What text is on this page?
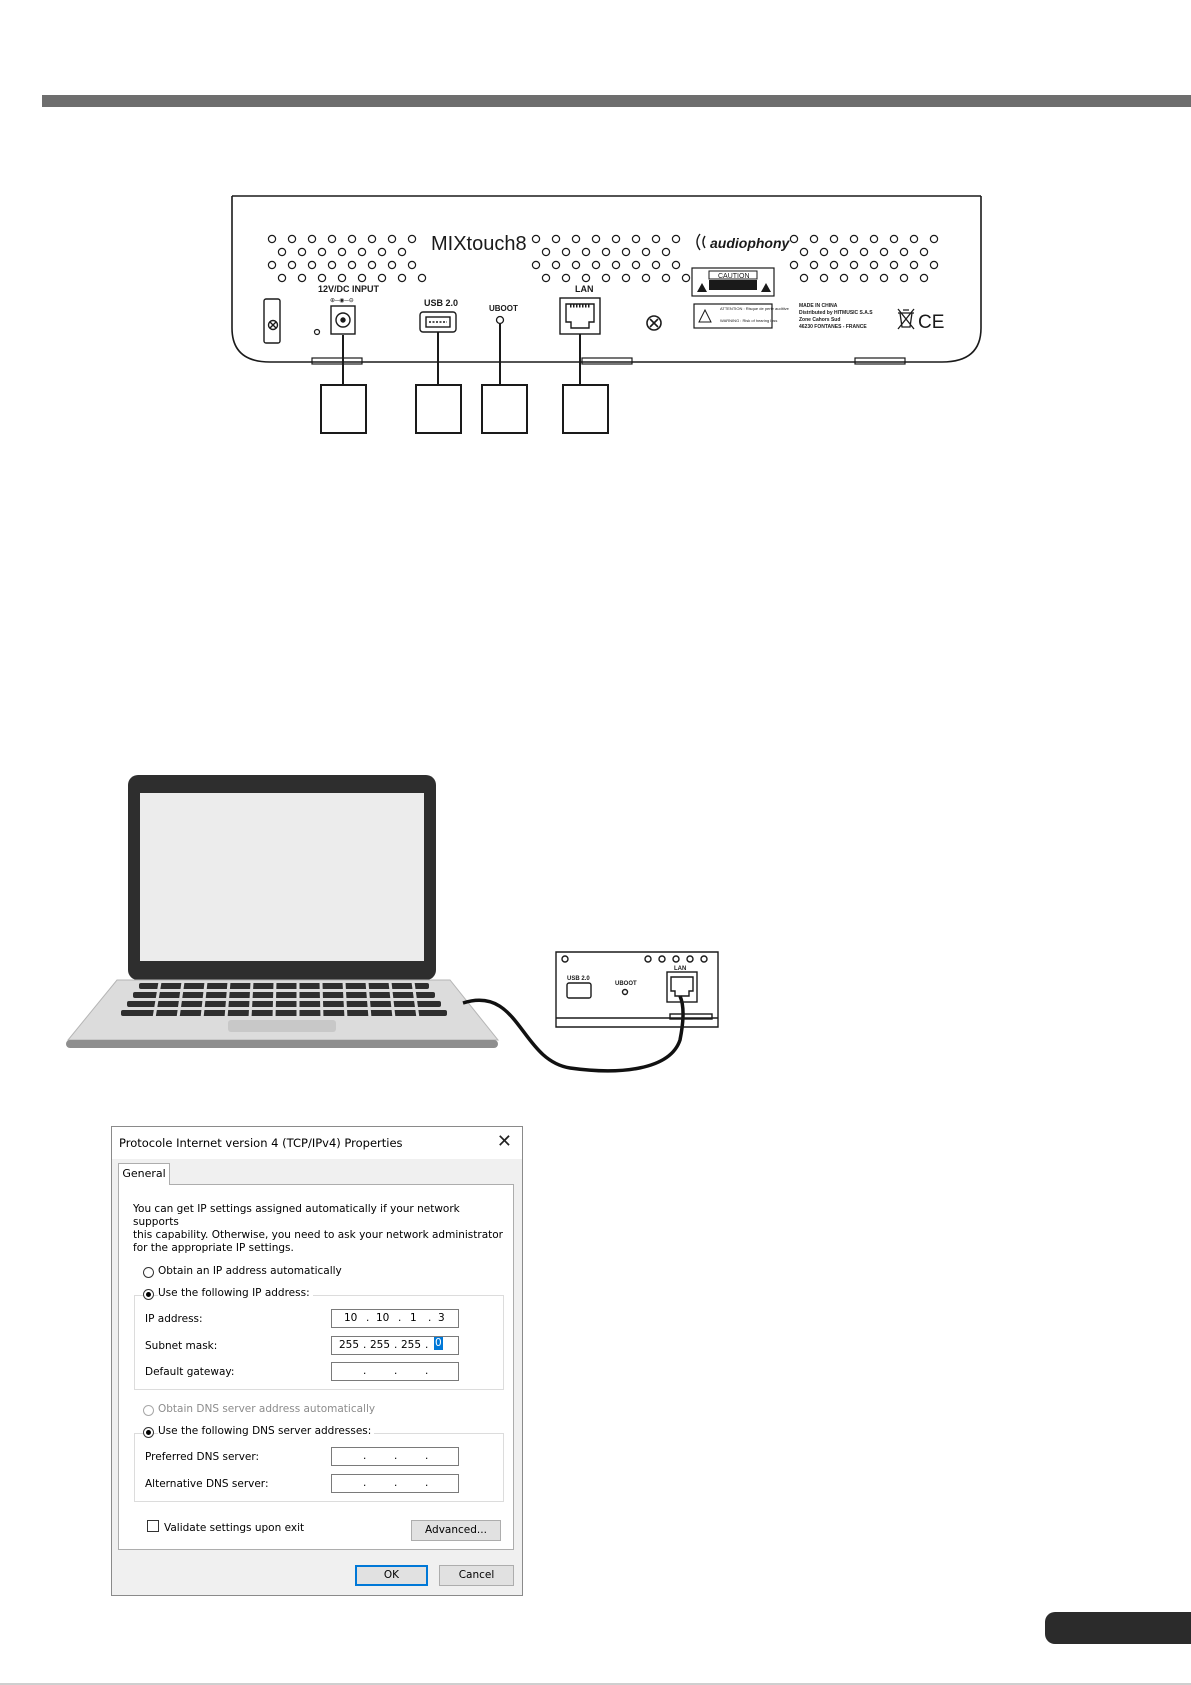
MIXtouch8	audiophony
12V/DC INPUT
⊕─◉─⊖	USB 2.0
UBOOT
LAN
CAUTION
ATTENTION : Risque de perte auditive
WARNING : Risk of hearing loss
MADE IN CHINA
Distributed by HITMUSIC S.A.S
Zone Cahors Sud
46230 FONTANES - FRANCE	CE
USB 2.0
UBOOT
LAN
Protocole Internet version 4 (TCP/IPv4) Properties	✕
General
You can get IP settings assigned automatically if your network supports
this capability. Otherwise, you need to ask your network administrator
for the appropriate IP settings.
Obtain an IP address automatically
Use the following IP address:
IP address:	10 . 10 . 1 . 3
Subnet mask:	255 . 255 . 255 . 0
Default gateway:	.	.	.
Obtain DNS server address automatically
Use the following DNS server addresses:
Preferred DNS server:	.	.	.
Alternative DNS server:	.	.	.
Validate settings upon exit	Advanced...
OK	Cancel
